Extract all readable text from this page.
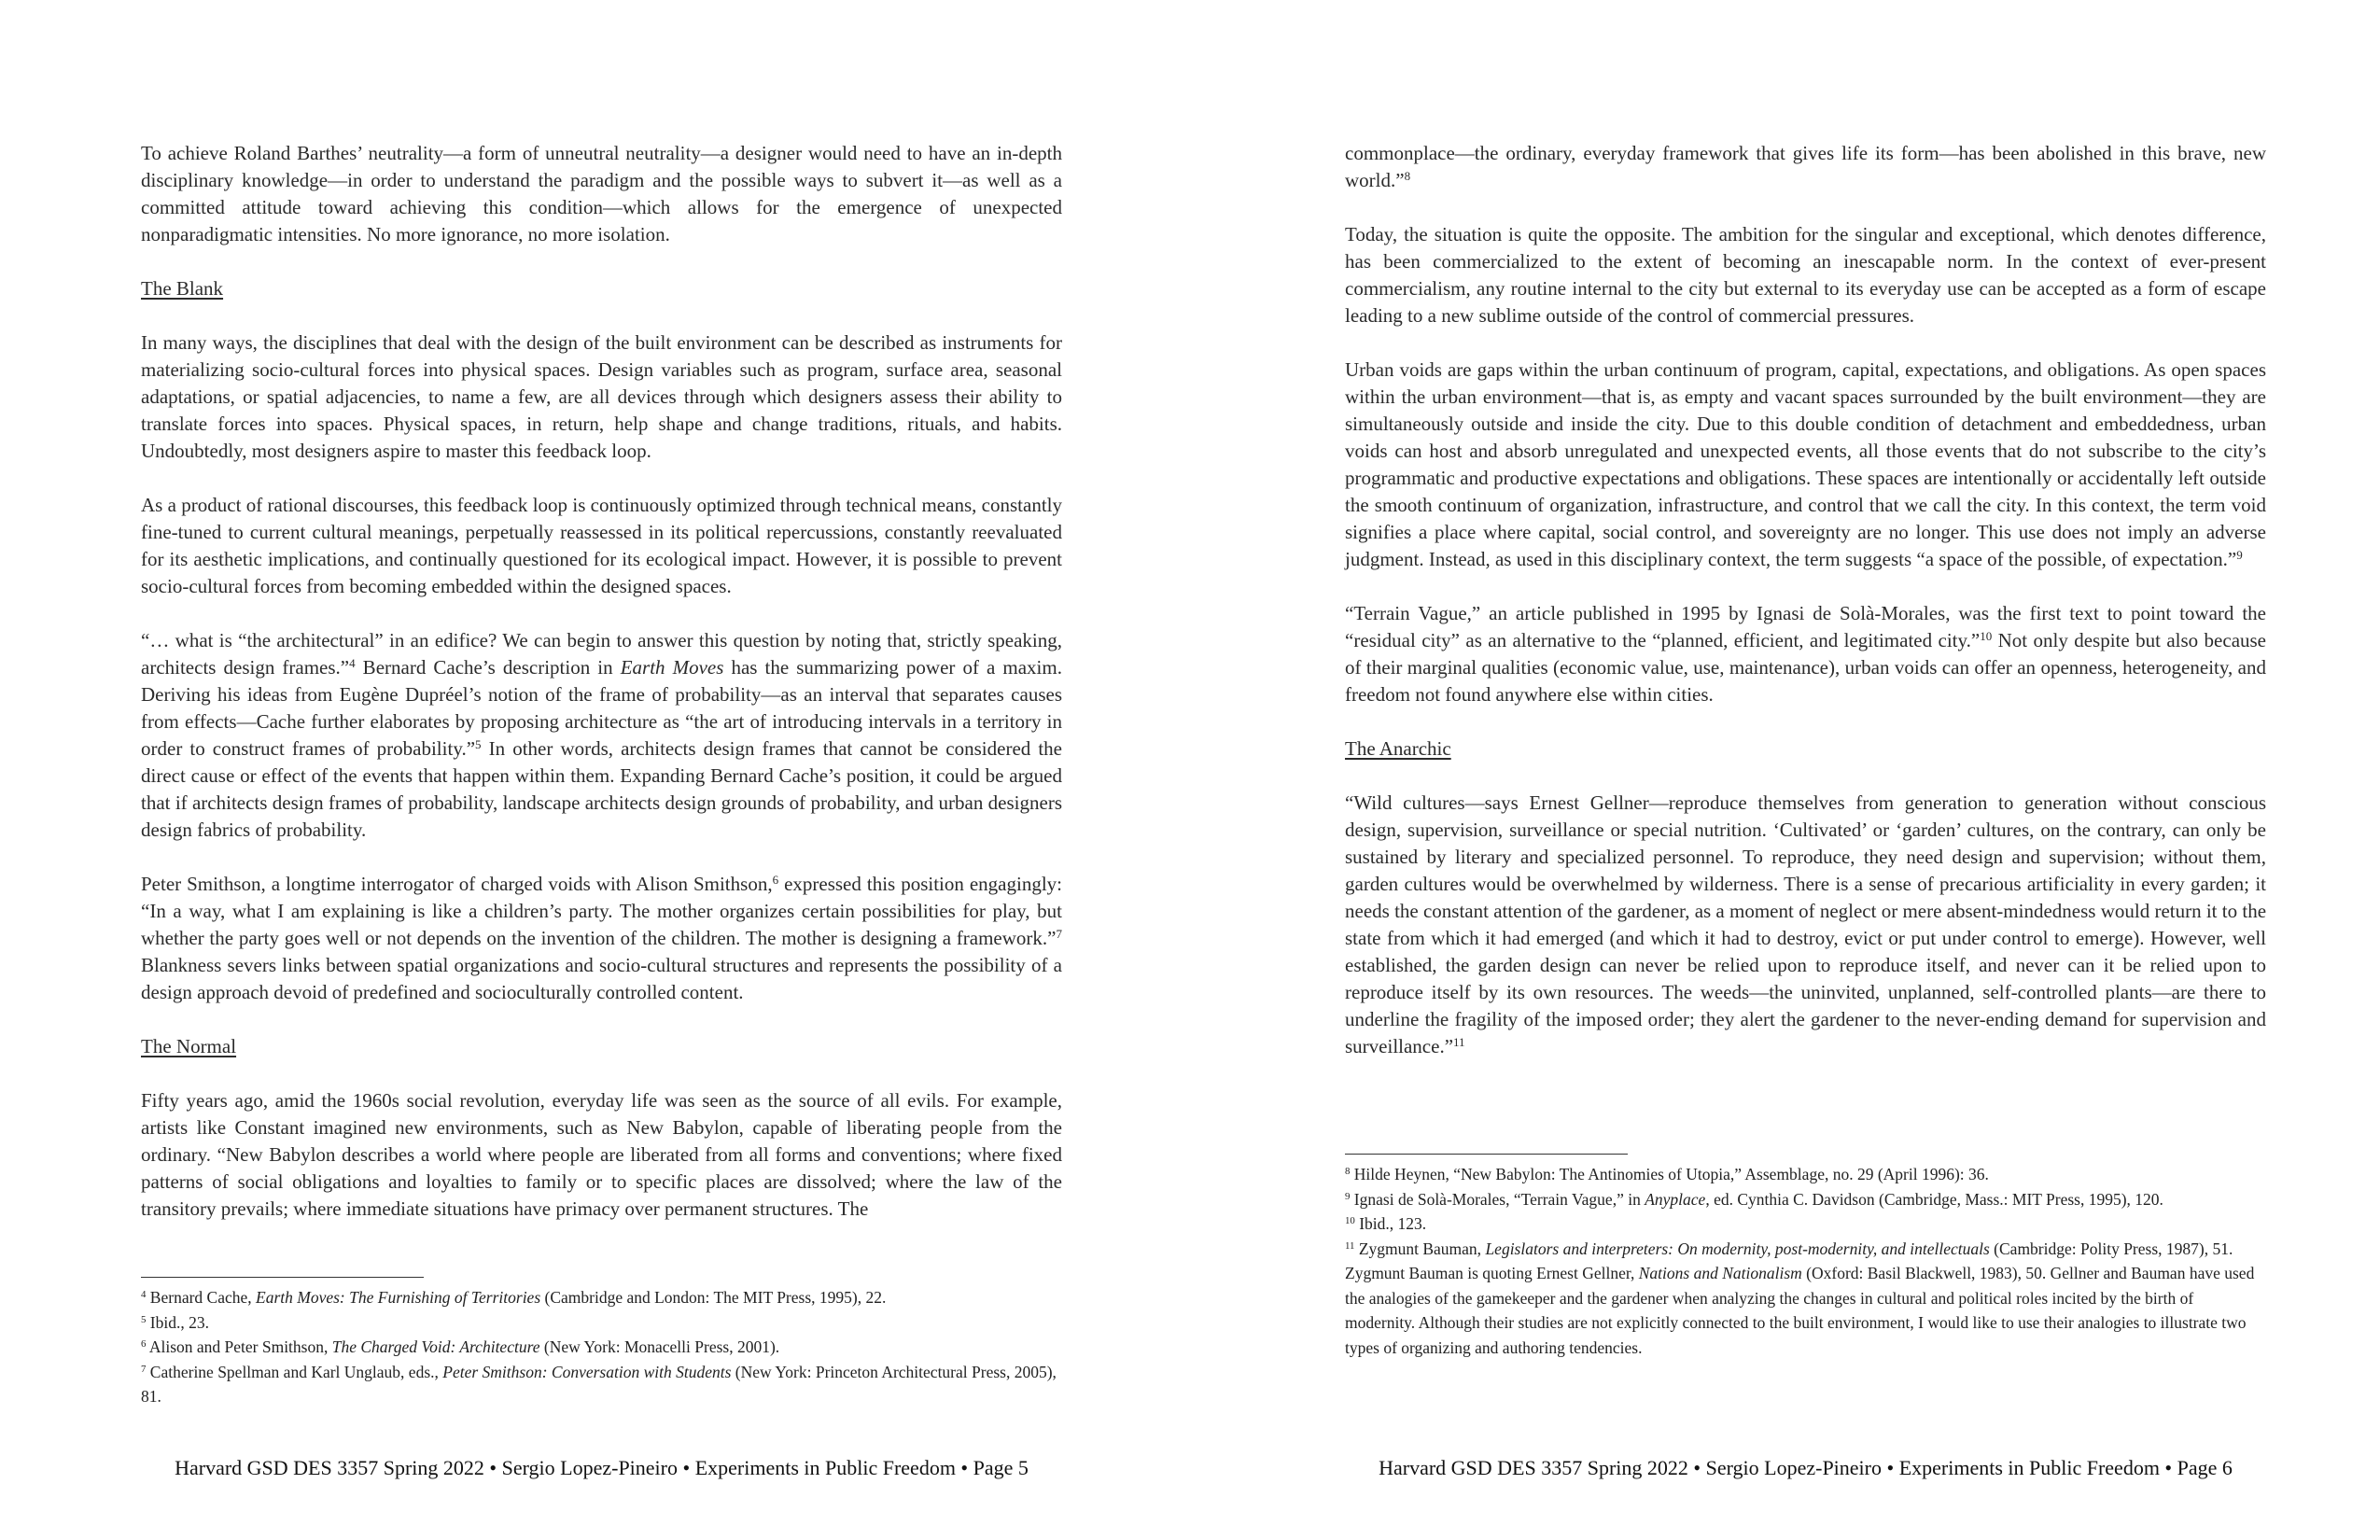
To achieve Roland Barthes’ neutrality—a form of unneutral neutrality—a designer would need to have an in-depth disciplinary knowledge—in order to understand the paradigm and the possible ways to subvert it—as well as a committed attitude toward achieving this condition—which allows for the emergence of unexpected nonparadigmatic intensities. No more ignorance, no more isolation.
The Blank
In many ways, the disciplines that deal with the design of the built environment can be described as instruments for materializing socio-cultural forces into physical spaces. Design variables such as program, surface area, seasonal adaptations, or spatial adjacencies, to name a few, are all devices through which designers assess their ability to translate forces into spaces. Physical spaces, in return, help shape and change traditions, rituals, and habits. Undoubtedly, most designers aspire to master this feedback loop.
As a product of rational discourses, this feedback loop is continuously optimized through technical means, constantly fine-tuned to current cultural meanings, perpetually reassessed in its political repercussions, constantly reevaluated for its aesthetic implications, and continually questioned for its ecological impact. However, it is possible to prevent socio-cultural forces from becoming embedded within the designed spaces.
“… what is “the architectural” in an edifice? We can begin to answer this question by noting that, strictly speaking, architects design frames.”$^4$ Bernard Cache’s description in Earth Moves has the summarizing power of a maxim. Deriving his ideas from Eugène Dupréel’s notion of the frame of probability—as an interval that separates causes from effects—Cache further elaborates by proposing architecture as “the art of introducing intervals in a territory in order to construct frames of probability.”$^5$ In other words, architects design frames that cannot be considered the direct cause or effect of the events that happen within them. Expanding Bernard Cache’s position, it could be argued that if architects design frames of probability, landscape architects design grounds of probability, and urban designers design fabrics of probability.
Peter Smithson, a longtime interrogator of charged voids with Alison Smithson,$^6$ expressed this position engagingly: “In a way, what I am explaining is like a children’s party. The mother organizes certain possibilities for play, but whether the party goes well or not depends on the invention of the children. The mother is designing a framework.”$^7$ Blankness severs links between spatial organizations and socio-cultural structures and represents the possibility of a design approach devoid of predefined and socioculturally controlled content.
The Normal
Fifty years ago, amid the 1960s social revolution, everyday life was seen as the source of all evils. For example, artists like Constant imagined new environments, such as New Babylon, capable of liberating people from the ordinary. “New Babylon describes a world where people are liberated from all forms and conventions; where fixed patterns of social obligations and loyalties to family or to specific places are dissolved; where the law of the transitory prevails; where immediate situations have primacy over permanent structures. The
$^4$ Bernard Cache, Earth Moves: The Furnishing of Territories (Cambridge and London: The MIT Press, 1995), 22.
$^5$ Ibid., 23.
$^6$ Alison and Peter Smithson, The Charged Void: Architecture (New York: Monacelli Press, 2001).
$^7$ Catherine Spellman and Karl Unglaub, eds., Peter Smithson: Conversation with Students (New York: Princeton Architectural Press, 2005), 81.
Harvard GSD DES 3357 Spring 2022 • Sergio Lopez-Pineiro • Experiments in Public Freedom • Page 5
commonplace—the ordinary, everyday framework that gives life its form—has been abolished in this brave, new world.”$^8$
Today, the situation is quite the opposite. The ambition for the singular and exceptional, which denotes difference, has been commercialized to the extent of becoming an inescapable norm. In the context of ever-present commercialism, any routine internal to the city but external to its everyday use can be accepted as a form of escape leading to a new sublime outside of the control of commercial pressures.
Urban voids are gaps within the urban continuum of program, capital, expectations, and obligations. As open spaces within the urban environment—that is, as empty and vacant spaces surrounded by the built environment—they are simultaneously outside and inside the city. Due to this double condition of detachment and embeddedness, urban voids can host and absorb unregulated and unexpected events, all those events that do not subscribe to the city’s programmatic and productive expectations and obligations. These spaces are intentionally or accidentally left outside the smooth continuum of organization, infrastructure, and control that we call the city. In this context, the term void signifies a place where capital, social control, and sovereignty are no longer. This use does not imply an adverse judgment. Instead, as used in this disciplinary context, the term suggests “a space of the possible, of expectation.”$^9$
“Terrain Vague,” an article published in 1995 by Ignasi de Solà-Morales, was the first text to point toward the “residual city” as an alternative to the “planned, efficient, and legitimated city.”$^{10}$ Not only despite but also because of their marginal qualities (economic value, use, maintenance), urban voids can offer an openness, heterogeneity, and freedom not found anywhere else within cities.
The Anarchic
“Wild cultures—says Ernest Gellner—reproduce themselves from generation to generation without conscious design, supervision, surveillance or special nutrition. ‘Cultivated’ or ‘garden’ cultures, on the contrary, can only be sustained by literary and specialized personnel. To reproduce, they need design and supervision; without them, garden cultures would be overwhelmed by wilderness. There is a sense of precarious artificiality in every garden; it needs the constant attention of the gardener, as a moment of neglect or mere absent-mindedness would return it to the state from which it had emerged (and which it had to destroy, evict or put under control to emerge). However, well established, the garden design can never be relied upon to reproduce itself, and never can it be relied upon to reproduce itself by its own resources. The weeds—the uninvited, unplanned, self-controlled plants—are there to underline the fragility of the imposed order; they alert the gardener to the never-ending demand for supervision and surveillance.”$^{11}$
$^8$ Hilde Heynen, “New Babylon: The Antinomies of Utopia,” Assemblage, no. 29 (April 1996): 36.
$^9$ Ignasi de Solà-Morales, “Terrain Vague,” in Anyplace, ed. Cynthia C. Davidson (Cambridge, Mass.: MIT Press, 1995), 120.
$^{10}$ Ibid., 123.
$^{11}$ Zygmunt Bauman, Legislators and interpreters: On modernity, post-modernity, and intellectuals (Cambridge: Polity Press, 1987), 51. Zygmunt Bauman is quoting Ernest Gellner, Nations and Nationalism (Oxford: Basil Blackwell, 1983), 50. Gellner and Bauman have used the analogies of the gamekeeper and the gardener when analyzing the changes in cultural and political roles incited by the birth of modernity. Although their studies are not explicitly connected to the built environment, I would like to use their analogies to illustrate two types of organizing and authoring tendencies.
Harvard GSD DES 3357 Spring 2022 • Sergio Lopez-Pineiro • Experiments in Public Freedom • Page 6
